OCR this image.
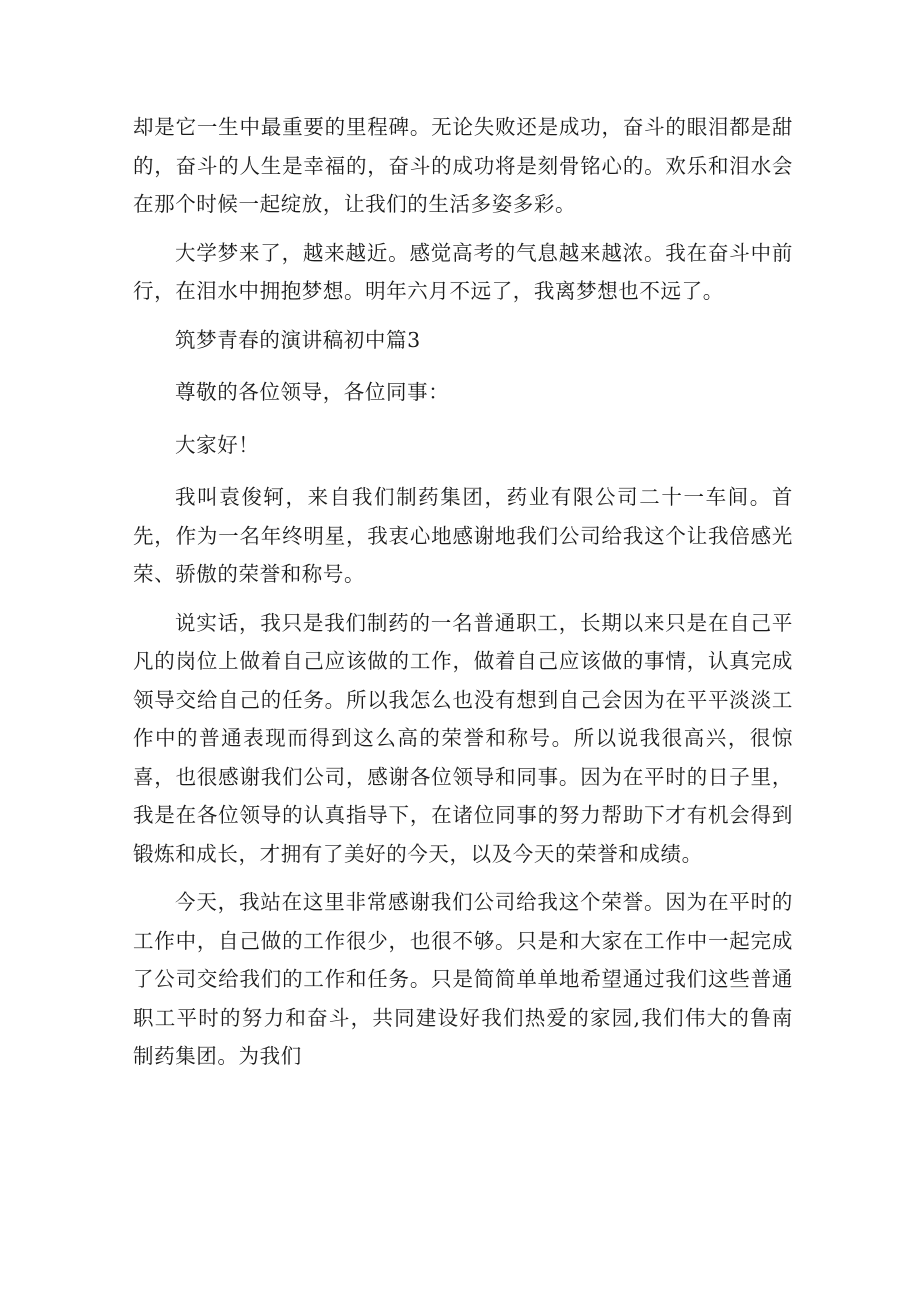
却是它一生中最重要的里程碑。无论失败还是成功，奋斗的眼泪都是甜的，奋斗的人生是幸福的，奋斗的成功将是刻骨铭心的。欢乐和泪水会在那个时候一起绽放，让我们的生活多姿多彩。

大学梦来了，越来越近。感觉高考的气息越来越浓。我在奋斗中前行，在泪水中拥抱梦想。明年六月不远了，我离梦想也不远了。

筑梦青春的演讲稿初中篇3

尊敬的各位领导，各位同事：

大家好！

我叫袁俊轲，来自我们制药集团，药业有限公司二十一车间。首先，作为一名年终明星，我衷心地感谢地我们公司给我这个让我倍感光荣、骄傲的荣誉和称号。

说实话，我只是我们制药的一名普通职工，长期以来只是在自己平凡的岗位上做着自己应该做的工作，做着自己应该做的事情，认真完成领导交给自己的任务。所以我怎么也没有想到自己会因为在平平淡淡工作中的普通表现而得到这么高的荣誉和称号。所以说我很高兴，很惊喜，也很感谢我们公司，感谢各位领导和同事。因为在平时的日子里，我是在各位领导的认真指导下，在诸位同事的努力帮助下才有机会得到锻炼和成长，才拥有了美好的今天，以及今天的荣誉和成绩。

今天，我站在这里非常感谢我们公司给我这个荣誉。因为在平时的工作中，自己做的工作很少，也很不够。只是和大家在工作中一起完成了公司交给我们的工作和任务。只是简简单单地希望通过我们这些普通职工平时的努力和奋斗，共同建设好我们热爱的家园,我们伟大的鲁南制药集团。为我们
